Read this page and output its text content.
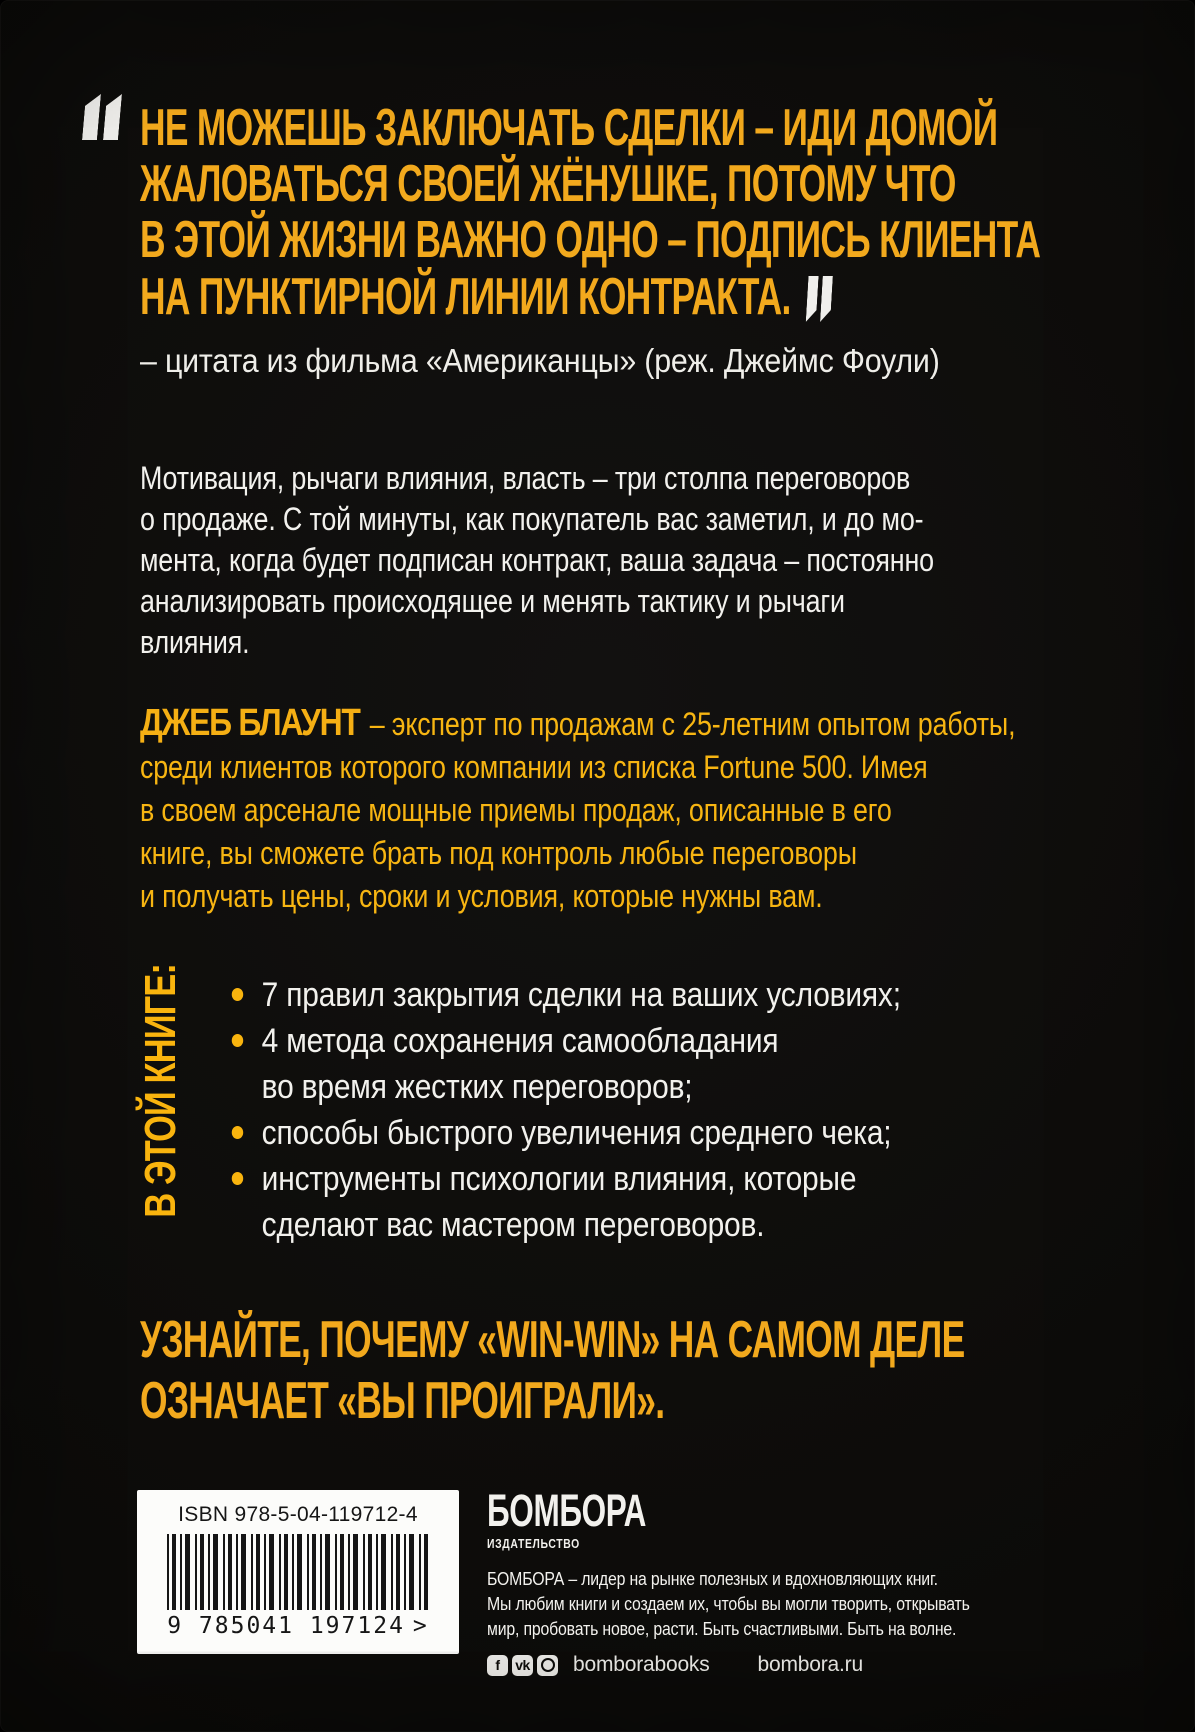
НЕ МОЖЕШЬ ЗАКЛЮЧАТЬ СДЕЛКИ – ИДИ ДОМОЙ
ЖАЛОВАТЬСЯ СВОЕЙ ЖЁНУШКЕ, ПОТОМУ ЧТО
В ЭТОЙ ЖИЗНИ ВАЖНО ОДНО – ПОДПИСЬ КЛИЕНТА
НА ПУНКТИРНОЙ ЛИНИИ КОНТРАКТА.
– цитата из фильма «Американцы» (реж. Джеймс Фоули)
Мотивация, рычаги влияния, власть – три столпа переговоров
о продаже. С той минуты, как покупатель вас заметил, и до мо-
мента, когда будет подписан контракт, ваша задача – постоянно
анализировать происходящее и менять тактику и рычаги
влияния.
ДЖЕБ БЛАУНТ – эксперт по продажам с 25-летним опытом работы,
среди клиентов которого компании из списка Fortune 500. Имея
в своем арсенале мощные приемы продаж, описанные в его
книге, вы сможете брать под контроль любые переговоры
и получать цены, сроки и условия, которые нужны вам.
В ЭТОЙ КНИГЕ:	7 правил закрытия сделки на ваших условиях;
4 метода сохранения самообладания
во время жестких переговоров;
способы быстрого увеличения среднего чека;
инструменты психологии влияния, которые
сделают вас мастером переговоров.
УЗНАЙТЕ, ПОЧЕМУ «WIN-WIN» НА САМОМ ДЕЛЕ
ОЗНАЧАЕТ «ВЫ ПРОИГРАЛИ».
ISBN 978-5-04-119712-4
9 785041 197124 >
БОМБОРА
ИЗДАТЕЛЬСТВО
БОМБОРА – лидер на рынке полезных и вдохновляющих книг.
Мы любим книги и создаем их, чтобы вы могли творить, открывать
мир, пробовать новое, расти. Быть счастливыми. Быть на волне.
f	vk bomborabooks bombora.ru
